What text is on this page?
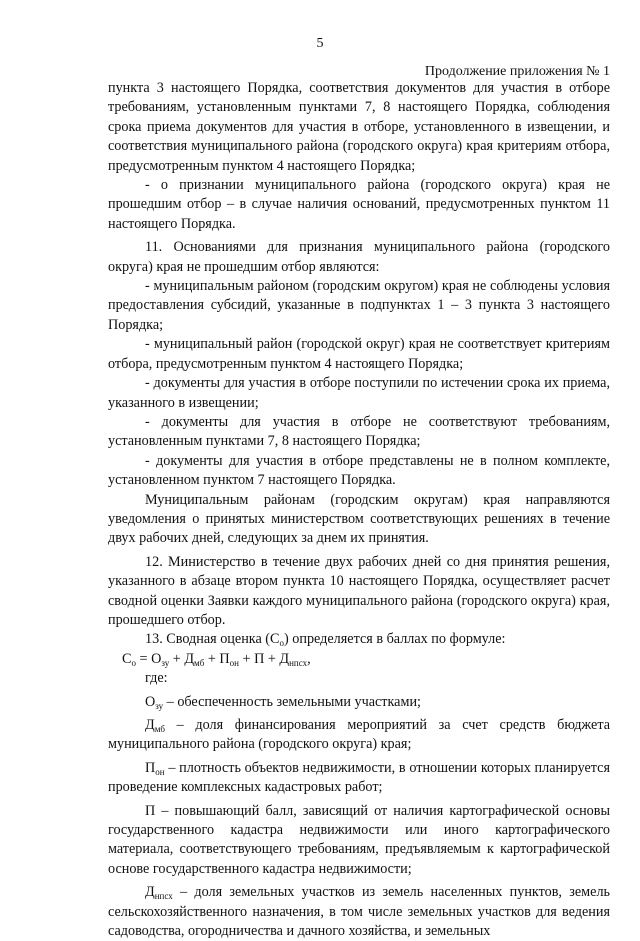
5
Продолжение приложения № 1

пункта 3 настоящего Порядка, соответствия документов для участия в отборе требованиям, установленным пунктами 7, 8 настоящего Порядка, соблюдения срока приема документов для участия в отборе, установленного в извещении, и соответствия муниципального района (городского округа) края критериям отбора, предусмотренным пунктом 4 настоящего Порядка;

- о признании муниципального района (городского округа) края не прошедшим отбор – в случае наличия оснований, предусмотренных пунктом 11 настоящего Порядка.

11. Основаниями для признания муниципального района (городского округа) края не прошедшим отбор являются:

- муниципальным районом (городским округом) края не соблюдены условия предоставления субсидий, указанные в подпунктах 1 – 3 пункта 3 настоящего Порядка;

- муниципальный район (городской округ) края не соответствует критериям отбора, предусмотренным пунктом 4 настоящего Порядка;

- документы для участия в отборе поступили по истечении срока их приема, указанного в извещении;

- документы для участия в отборе не соответствуют требованиям, установленным пунктами 7, 8 настоящего Порядка;

- документы для участия в отборе представлены не в полном комплекте, установленном пунктом 7 настоящего Порядка.

Муниципальным районам (городским округам) края направляются уведомления о принятых министерством соответствующих решениях в течение двух рабочих дней, следующих за днем их принятия.

12. Министерство в течение двух рабочих дней со дня принятия решения, указанного в абзаце втором пункта 10 настоящего Порядка, осуществляет расчет сводной оценки Заявки каждого муниципального района (городского округа) края, прошедшего отбор.

13. Сводная оценка $(С_о)$ определяется в баллах по формуле:

$С_о = О_{зу} + Д_{мб} + П_{он} + П + Д_{нпсх}$,

где:

$О_{зу}$ – обеспеченность земельными участками;

$Д_{мб}$ – доля финансирования мероприятий за счет средств бюджета муниципального района (городского округа) края;

$П_{он}$ – плотность объектов недвижимости, в отношении которых планируется проведение комплексных кадастровых работ;

П – повышающий балл, зависящий от наличия картографической основы государственного кадастра недвижимости или иного картографического материала, соответствующего требованиям, предъявляемым к картографической основе государственного кадастра недвижимости;

$Д_{нпсх}$ – доля земельных участков из земель населенных пунктов, земель сельскохозяйственного назначения, в том числе земельных участков для ведения садоводства, огородничества и дачного хозяйства, и земельных
